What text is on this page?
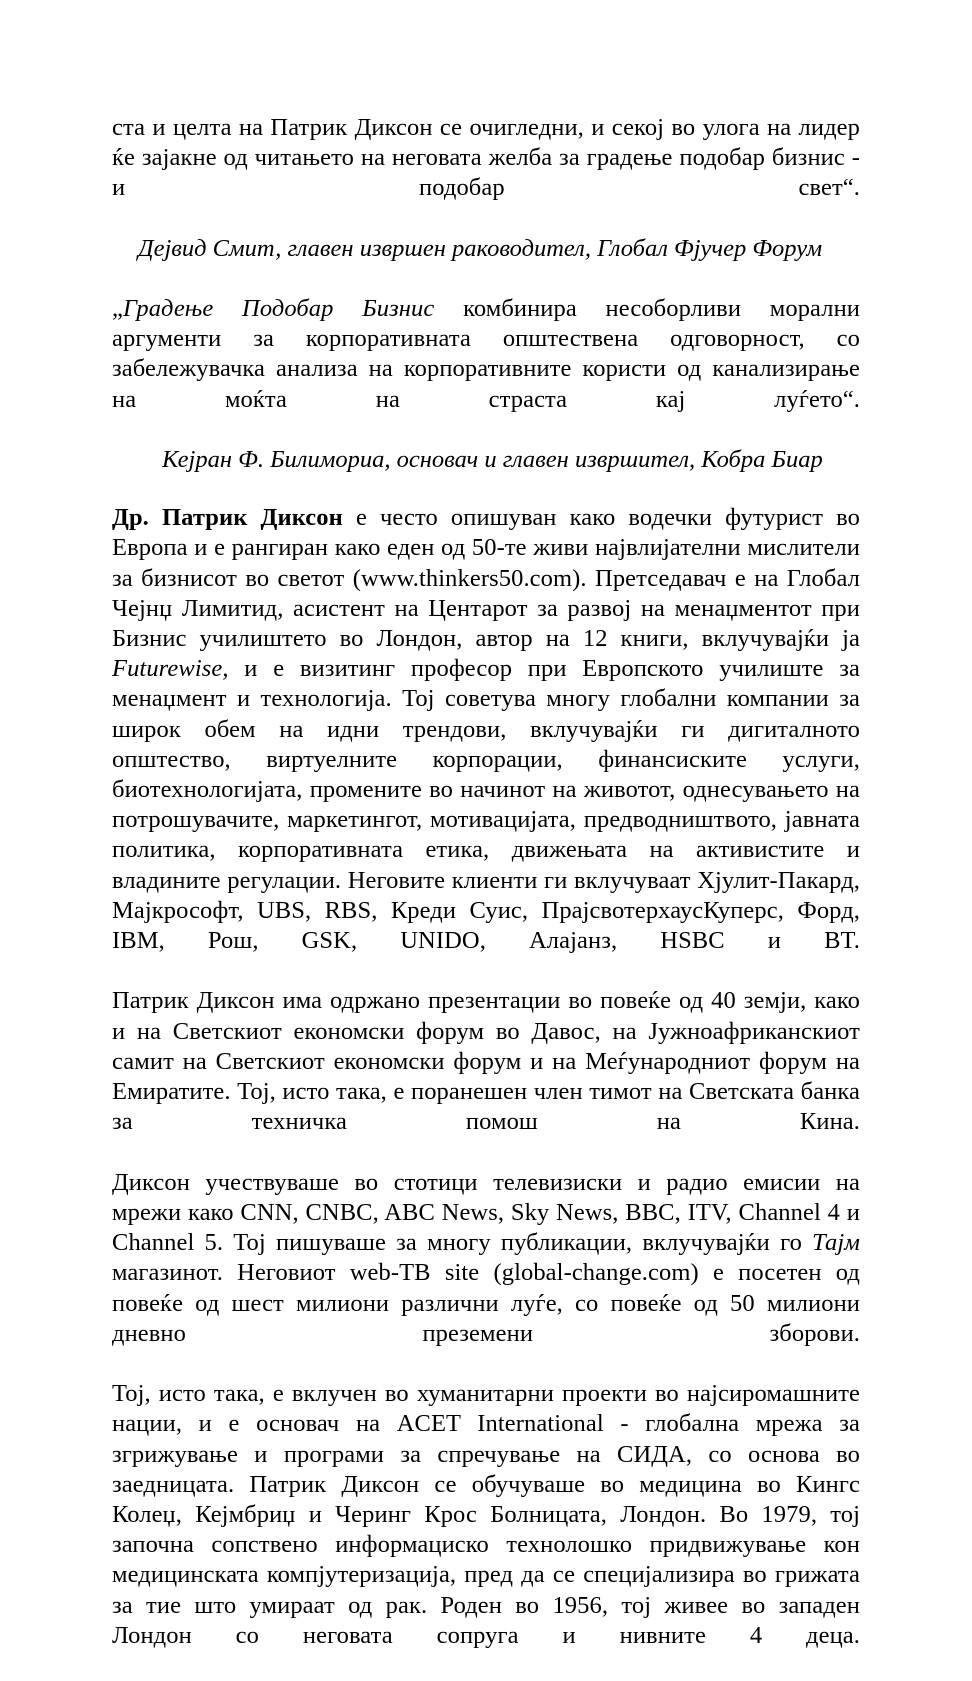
ста и целта на Патрик Диксон се очигледни, и секој во улога на лидер ќе зајакне од читањето на неговата желба за градење подобар бизнис - и подобар свет“.

Дејвид Смит, главен извршен раководител, Глобал Фјучер Форум

„Градење Подобар Бизнис комбинира несоборливи морални аргументи за корпоративната општествена одговорност, со забележувачка анализа на корпоративните користи од канализирање на моќта на страста кај луѓето“.

Кејран Ф. Билимориа, основач и главен извршител, Кобра Биар

Др. Патрик Диксон е често опишуван како водечки футурист во Европа и е рангиран како еден од 50-те живи највлијателни мислители за бизнисот во светот (www.thinkers50.com). Претседавач е на Глобал Чејнџ Лимитид, асистент на Центарот за развој на менаџментот при Бизнис училиштето во Лондон, автор на 12 книги, вклучувајќи ја Futurewise, и е визитинг професор при Европското училиште за менаџмент и технологија. Тој советува многу глобални компании за широк обем на идни трендови, вклучувајќи ги дигиталното општество, виртуелните корпорации, финансиските услуги, биотехнологијата, промените во начинот на животот, однесувањето на потрошувачите, маркетингот, мотивацијата, предводништвото, јавната политика, корпоративната етика, движењата на активистите и владините регулации. Неговите клиенти ги вклучуваат Хјулит-Пакард, Мајкрософт, UBS, RBS, Креди Суис, ПрајсвотерхаусКуперс, Форд, IBM, Рош, GSK, UNIDO, Алајанз, HSBC и BT.

Патрик Диксон има одржано презентации во повеќе од 40 земји, како и на Светскиот економски форум во Давос, на Јужноафриканскиот самит на Светскиот економски форум и на Меѓународниот форум на Емиратите. Тој, исто така, е поранешен член тимот на Светската банка за техничка помош на Кина.

Диксон учествуваше во стотици телевизиски и радио емисии на мрежи како CNN, CNBC, ABC News, Sky News, BBC, ITV, Channel 4 и Channel 5. Тој пишуваше за многу публикации, вклучувајќи го Тајм магазинот. Неговиот web-ТВ site (global-change.com) е посетен од повеќе од шест милиони различни луѓе, со повеќе од 50 милиони дневно преземени зборови.

Тој, исто така, е вклучен во хуманитарни проекти во најсиромашните нации, и е основач на ACET International - глобална мрежа за згрижување и програми за спречување на СИДА, со основа во заедницата. Патрик Диксон се обучуваше во медицина во Кингс Колеџ, Кејмбриџ и Черинг Крос Болницата, Лондон. Во 1979, тој започна сопствено информациско технолошко придвижување кон медицинската компјутеризација, пред да се специјализира во грижата за тие што умираат од рак. Роден во 1956, тој живее во западен Лондон со неговата сопруга и нивните 4 деца.
